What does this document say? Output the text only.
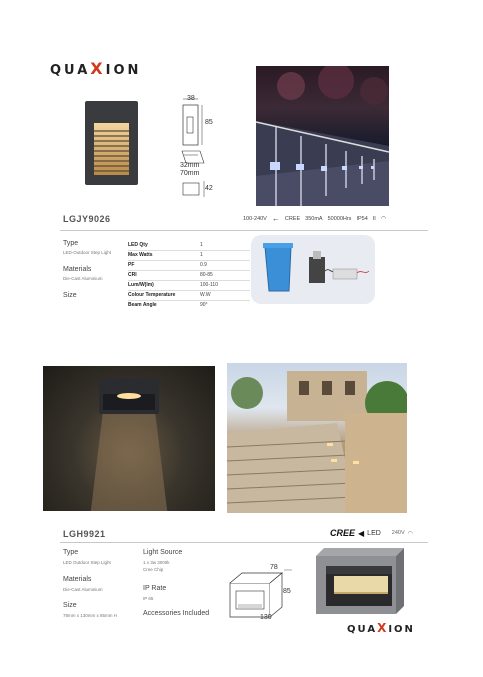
QUAXION
38
85
32mm
70mm
42
LGJY9026	100-240V ← CREE 350mA 50000Hrs IP54 II ◠
Type
LED-Outdoor Step Light
Materials
Die-Cast Aluminium
Size
LED Qty	1
Max Watts	1
PF	0.9
CRI	80-85
Lum/W(lm)	100-110
Colour Temperature	W.W
Beam Angle	90°
LGH9921	CREE ◀ LED 240V ◠
Type
LED Outdoor Step Light
Materials
Die-Cast Aluminium
Size
78mm x 130mm x 85mm H
Light Source
1 x 3w 3000k
Cree Chip
IP Rate
IP 65
Accessories Included
78
85
130
QUAXION
